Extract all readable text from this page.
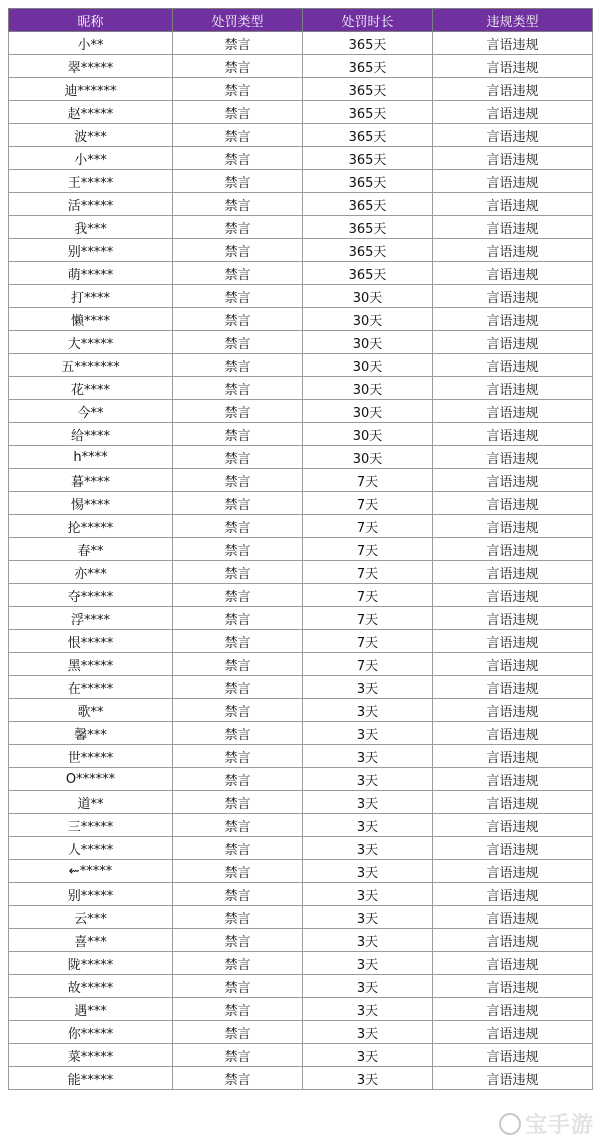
昵称	处罚类型	处罚时长	违规类型
小**	禁言	365天	言语违规
翠*****	禁言	365天	言语违规
迪******	禁言	365天	言语违规
赵*****	禁言	365天	言语违规
波***	禁言	365天	言语违规
小***	禁言	365天	言语违规
王*****	禁言	365天	言语违规
活*****	禁言	365天	言语违规
我***	禁言	365天	言语违规
别*****	禁言	365天	言语违规
萌*****	禁言	365天	言语违规
打****	禁言	30天	言语违规
懒****	禁言	30天	言语违规
大*****	禁言	30天	言语违规
五*******	禁言	30天	言语违规
花****	禁言	30天	言语违规
今**	禁言	30天	言语违规
给****	禁言	30天	言语违规
h****	禁言	30天	言语违规
暮****	禁言	7天	言语违规
惕****	禁言	7天	言语违规
抡*****	禁言	7天	言语违规
春**	禁言	7天	言语违规
亦***	禁言	7天	言语违规
夺*****	禁言	7天	言语违规
浮****	禁言	7天	言语违规
恨*****	禁言	7天	言语违规
黑*****	禁言	7天	言语违规
在*****	禁言	3天	言语违规
歌**	禁言	3天	言语违规
馨***	禁言	3天	言语违规
世*****	禁言	3天	言语违规
O******	禁言	3天	言语违规
道**	禁言	3天	言语违规
三*****	禁言	3天	言语违规
人*****	禁言	3天	言语违规
⇜*****	禁言	3天	言语违规
别*****	禁言	3天	言语违规
云***	禁言	3天	言语违规
喜***	禁言	3天	言语违规
陇*****	禁言	3天	言语违规
故*****	禁言	3天	言语违规
遇***	禁言	3天	言语违规
你*****	禁言	3天	言语违规
菜*****	禁言	3天	言语违规
能*****	禁言	3天	言语违规
宝手游
